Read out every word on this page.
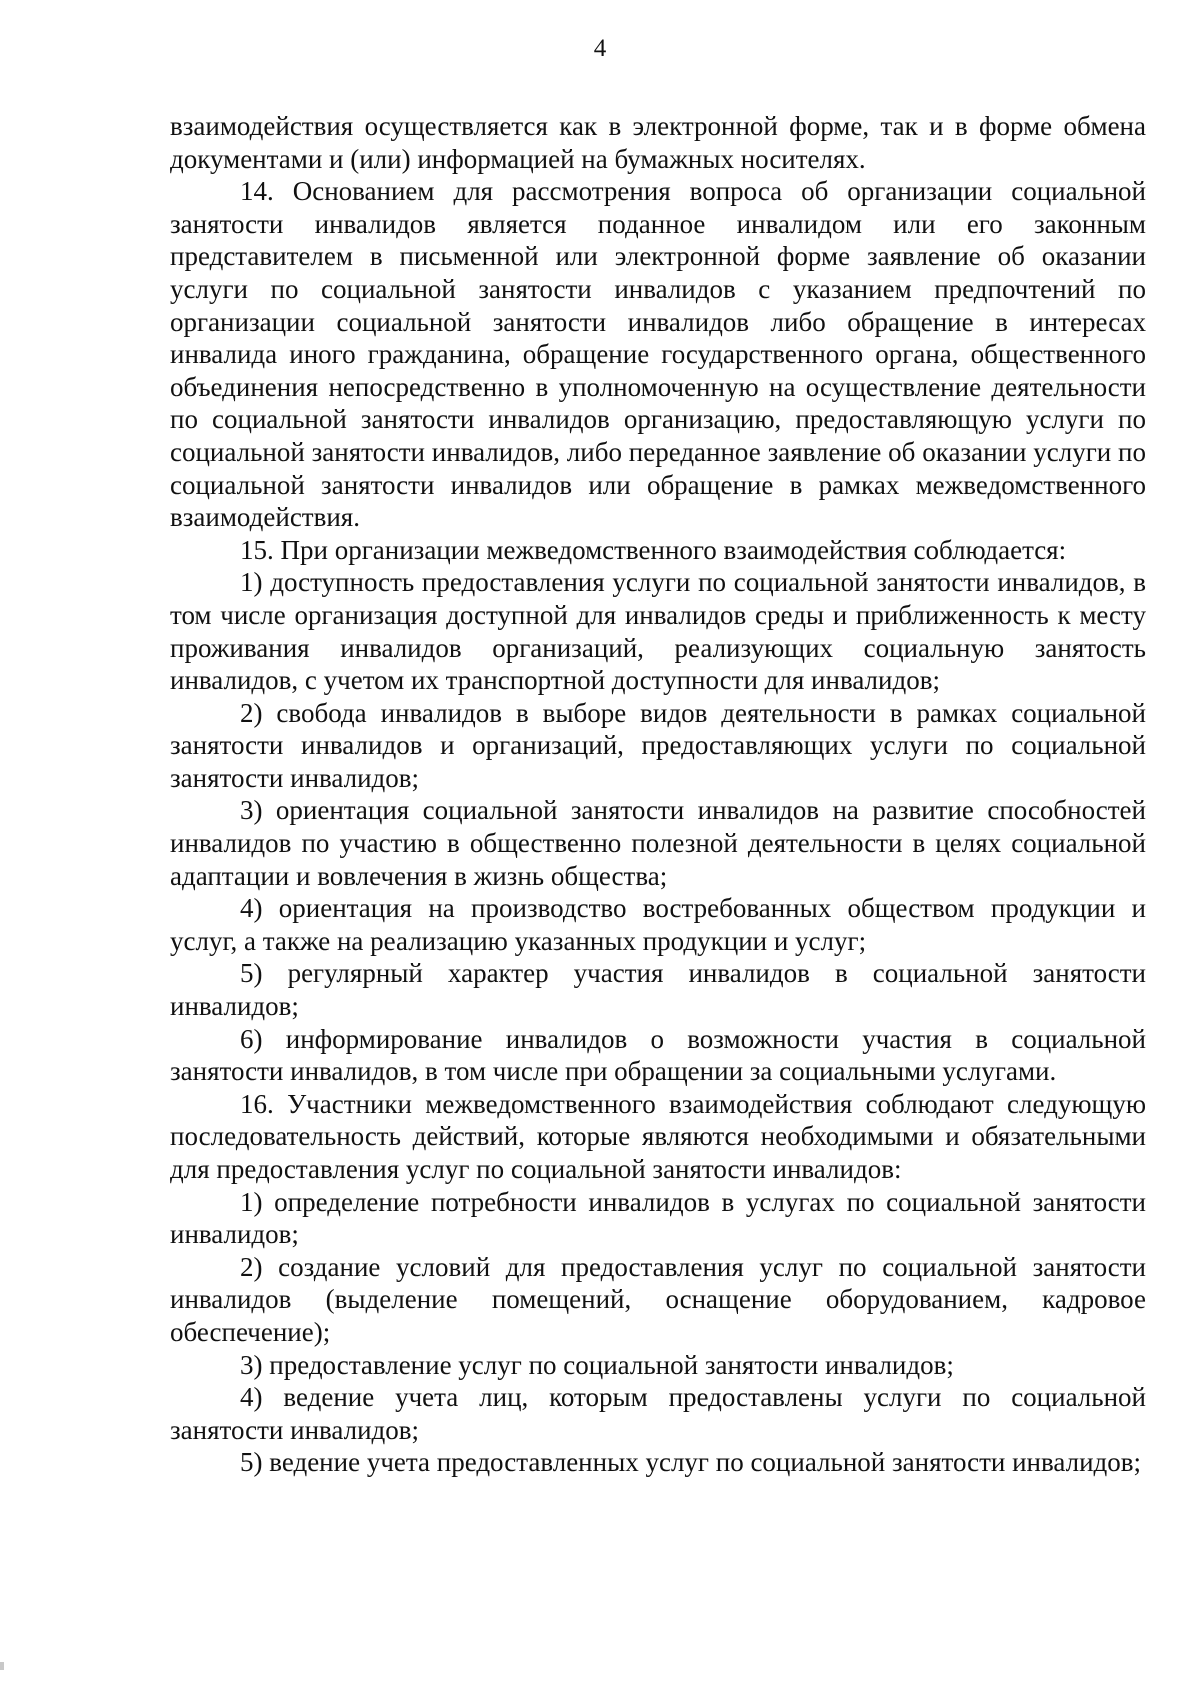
4

взаимодействия осуществляется как в электронной форме, так и в форме обмена документами и (или) информацией на бумажных носителях.

14. Основанием для рассмотрения вопроса об организации социальной занятости инвалидов является поданное инвалидом или его законным представителем в письменной или электронной форме заявление об оказании услуги по социальной занятости инвалидов с указанием предпочтений по организации социальной занятости инвалидов либо обращение в интересах инвалида иного гражданина, обращение государственного органа, общественного объединения непосредственно в уполномоченную на осуществление деятельности по социальной занятости инвалидов организацию, предоставляющую услуги по социальной занятости инвалидов, либо переданное заявление об оказании услуги по социальной занятости инвалидов или обращение в рамках межведомственного взаимодействия.

15. При организации межведомственного взаимодействия соблюдается:

1) доступность предоставления услуги по социальной занятости инвалидов, в том числе организация доступной для инвалидов среды и приближенность к месту проживания инвалидов организаций, реализующих социальную занятость инвалидов, с учетом их транспортной доступности для инвалидов;

2) свобода инвалидов в выборе видов деятельности в рамках социальной занятости инвалидов и организаций, предоставляющих услуги по социальной занятости инвалидов;

3) ориентация социальной занятости инвалидов на развитие способностей инвалидов по участию в общественно полезной деятельности в целях социальной адаптации и вовлечения в жизнь общества;

4) ориентация на производство востребованных обществом продукции и услуг, а также на реализацию указанных продукции и услуг;

5) регулярный характер участия инвалидов в социальной занятости инвалидов;

6) информирование инвалидов о возможности участия в социальной занятости инвалидов, в том числе при обращении за социальными услугами.

16. Участники межведомственного взаимодействия соблюдают следующую последовательность действий, которые являются необходимыми и обязательными для предоставления услуг по социальной занятости инвалидов:

1) определение потребности инвалидов в услугах по социальной занятости инвалидов;

2) создание условий для предоставления услуг по социальной занятости инвалидов (выделение помещений, оснащение оборудованием, кадровое обеспечение);

3) предоставление услуг по социальной занятости инвалидов;

4) ведение учета лиц, которым предоставлены услуги по социальной занятости инвалидов;

5) ведение учета предоставленных услуг по социальной занятости инвалидов;
